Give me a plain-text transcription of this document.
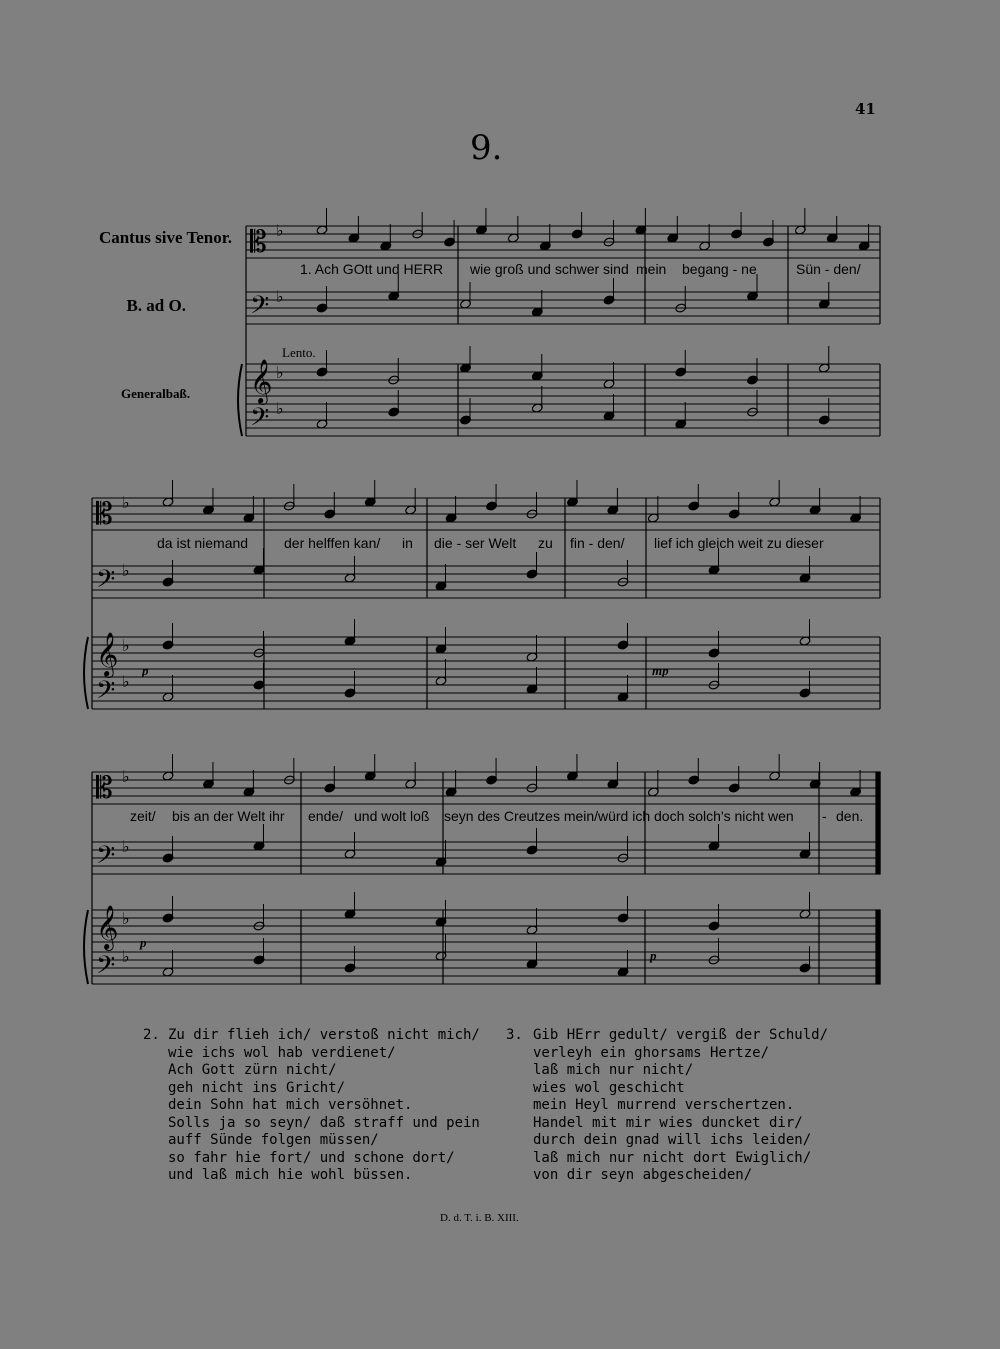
𝄡 ♭
𝄢 ♭
𝄞 ♭
𝄢 ♭
𝄡 ♭
𝄢 ♭
𝄞 ♭
𝄢 ♭
𝄡 ♭
𝄢 ♭
𝄞 ♭
𝄢 ♭
41
9.
Cantus sive Tenor.
B. ad O.
Generalbaß.
Lento.
1. Ach GOtt und HERR wie groß und schwer sind mein begang - ne	Sün - den/
da ist niemand	der helffen kan/ in die - ser Welt zu fin - den/ lief ich gleich weit zu dieser
zeit/ bis an der Welt ihr ende/ und wolt loß seyn des Creutzes mein/ würd ich doch solch's nicht wen - den.
p	mp
p
p
2. Zu dir flieh ich/ verstoß nicht mich/
wie ichs wol hab verdienet/
Ach Gott zürn nicht/
geh nicht ins Gricht/
dein Sohn hat mich versöhnet.
Solls ja so seyn/ daß straff und pein
auff Sünde folgen müssen/
so fahr hie fort/ und schone dort/
und laß mich hie wohl büssen.
3. Gib HErr gedult/ vergiß der Schuld/
verleyh ein ghorsams Hertze/
laß mich nur nicht/
wies wol geschicht
mein Heyl murrend verschertzen.
Handel mit mir wies duncket dir/
durch dein gnad will ichs leiden/
laß mich nur nicht dort Ewiglich/
von dir seyn abgescheiden/
D. d. T. i. B. XIII.
